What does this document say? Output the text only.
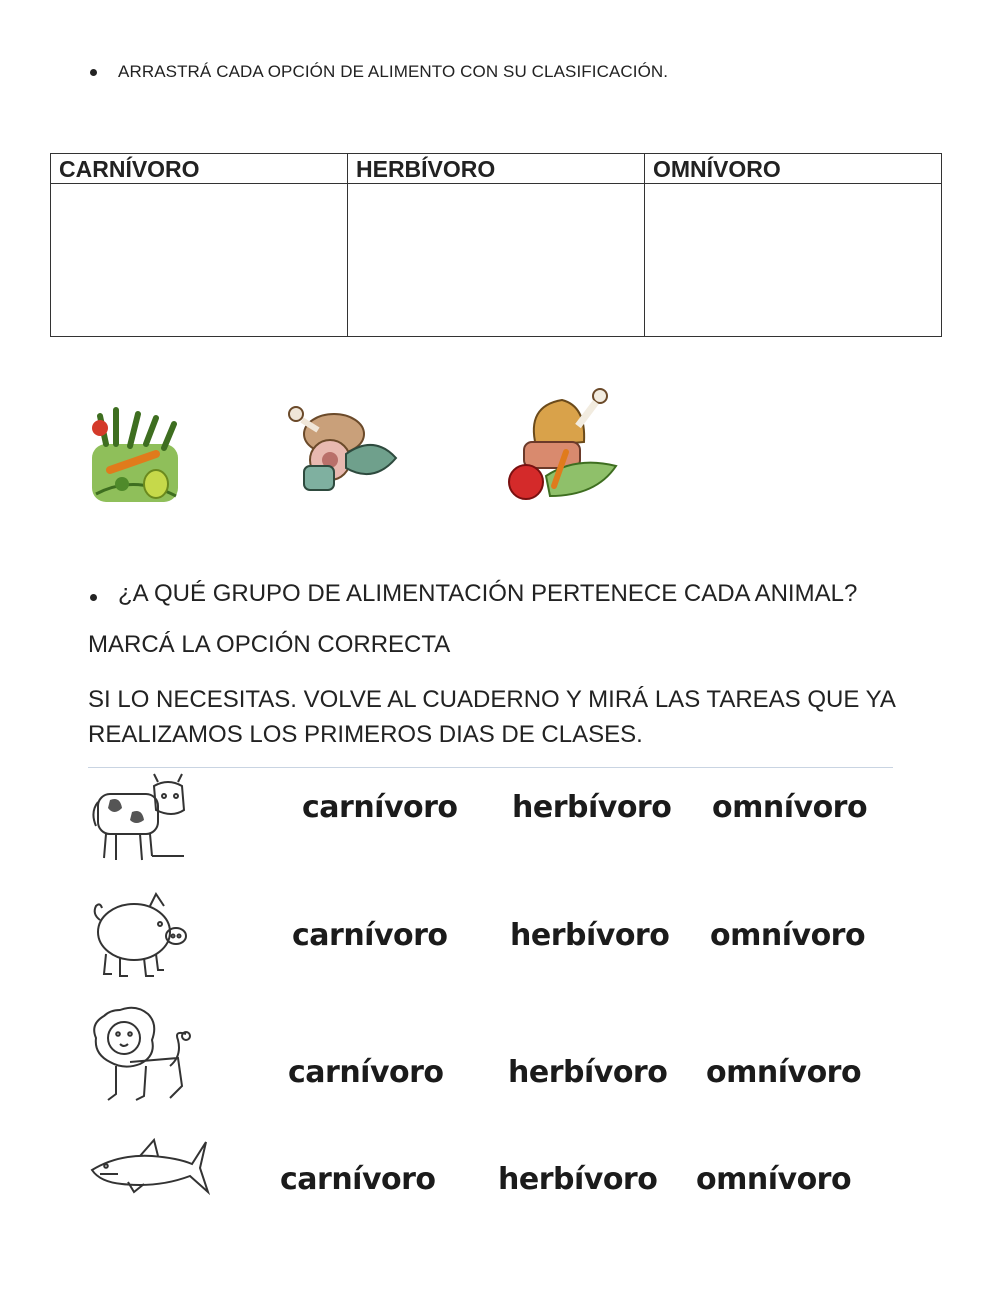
ARRASTRÁ CADA OPCIÓN DE ALIMENTO CON SU CLASIFICACIÓN.
CARNÍVORO	HERBÍVORO	OMNÍVORO

¿A QUÉ GRUPO DE ALIMENTACIÓN PERTENECE CADA ANIMAL?
MARCÁ LA OPCIÓN CORRECTA
SI LO NECESITAS. VOLVE AL CUADERNO Y MIRÁ LAS TAREAS QUE YA REALIZAMOS LOS PRIMEROS DIAS DE CLASES.
carnívoro herbívoro omnívoro
carnívoro herbívoro omnívoro
carnívoro herbívoro omnívoro
carnívoro herbívoro omnívoro
